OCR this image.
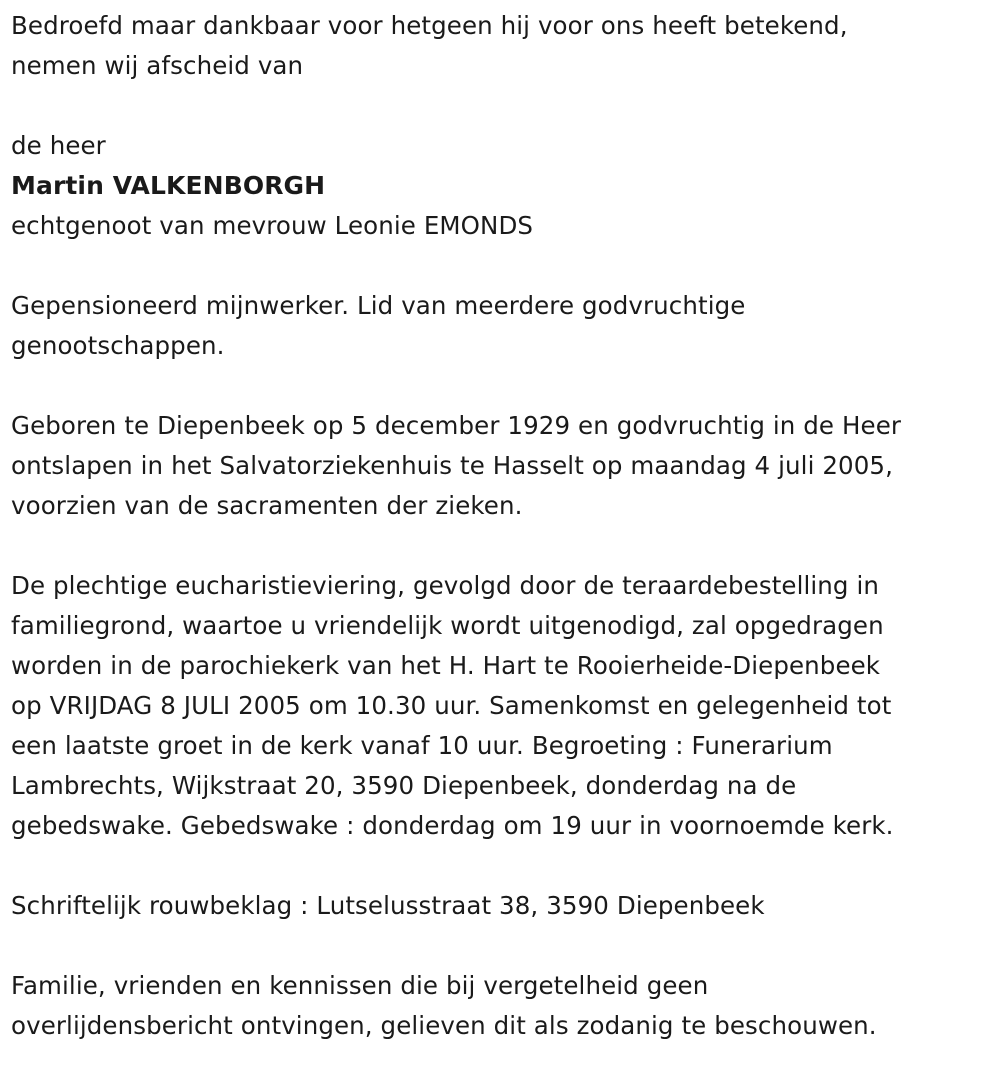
Bedroefd maar dankbaar voor hetgeen hij voor ons heeft betekend,
nemen wij afscheid van

de heer

Martin VALKENBORGH

echtgenoot van mevrouw Leonie EMONDS

Gepensioneerd mijnwerker. Lid van meerdere godvruchtige
genootschappen.

Geboren te Diepenbeek op 5 december 1929 en godvruchtig in de Heer
ontslapen in het Salvatorziekenhuis te Hasselt op maandag 4 juli 2005,
voorzien van de sacramenten der zieken.

De plechtige eucharistieviering, gevolgd door de teraardebestelling in
familiegrond, waartoe u vriendelijk wordt uitgenodigd, zal opgedragen
worden in de parochiekerk van het H. Hart te Rooierheide-Diepenbeek
op VRIJDAG 8 JULI 2005 om 10.30 uur. Samenkomst en gelegenheid tot
een laatste groet in de kerk vanaf 10 uur. Begroeting : Funerarium
Lambrechts, Wijkstraat 20, 3590 Diepenbeek, donderdag na de
gebedswake. Gebedswake : donderdag om 19 uur in voornoemde kerk.

Schriftelijk rouwbeklag : Lutselusstraat 38, 3590 Diepenbeek

Familie, vrienden en kennissen die bij vergetelheid geen
overlijdensbericht ontvingen, gelieven dit als zodanig te beschouwen.
